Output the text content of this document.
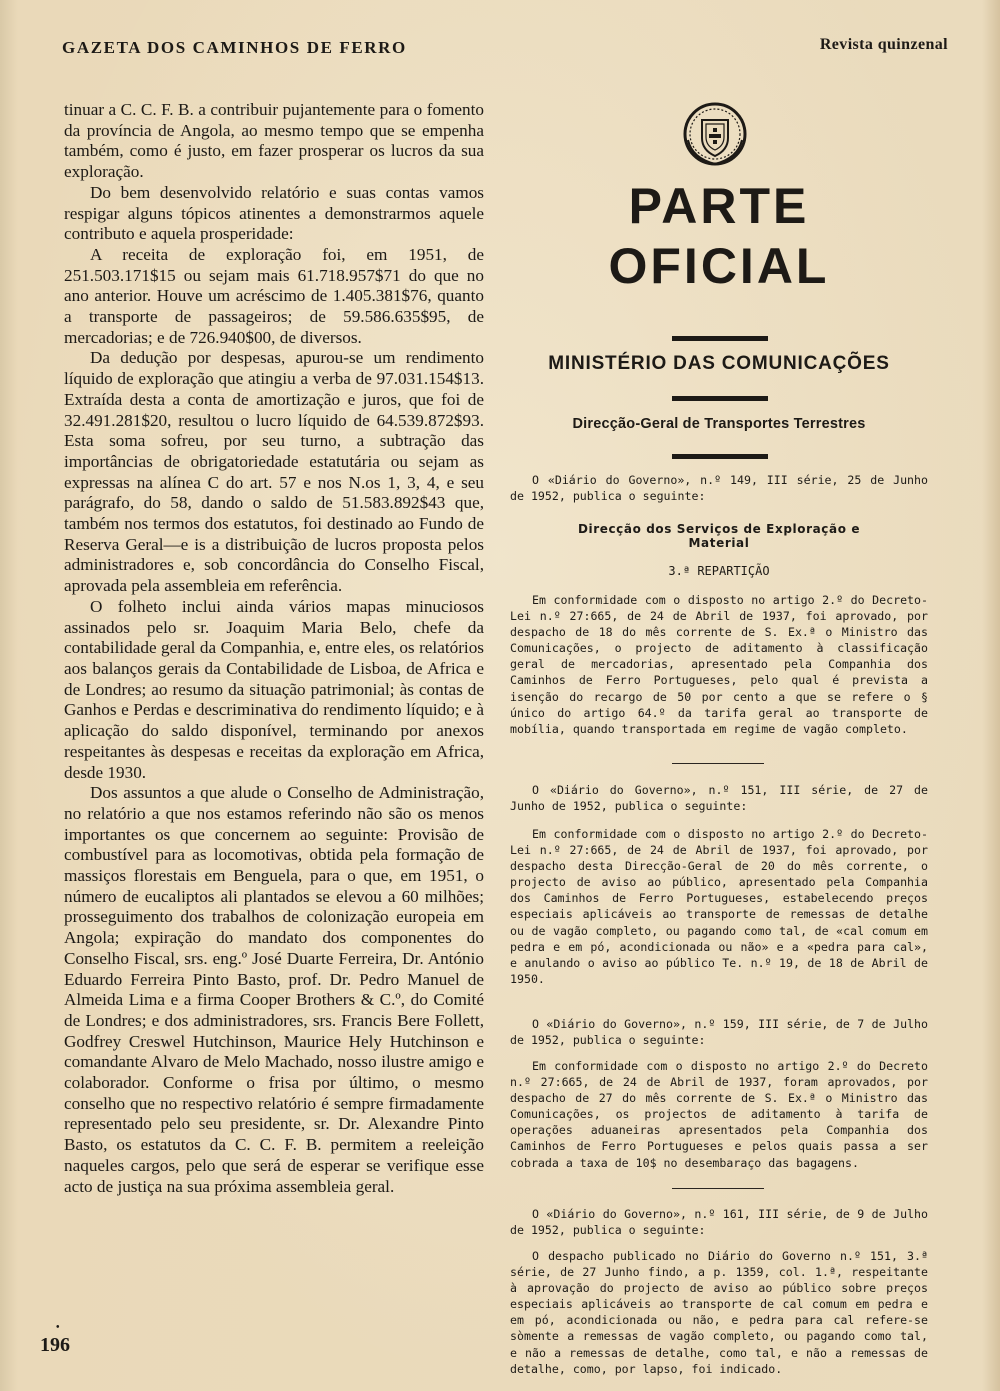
GAZETA DOS CAMINHOS DE FERRO	Revista quinzenal

tinuar a C. C. F. B. a contribuir pujantemente para o fomento da província de Angola, ao mesmo tempo que se empenha também, como é justo, em fazer prosperar os lucros da sua exploração.

Do bem desenvolvido relatório e suas contas vamos respigar alguns tópicos atinentes a demonstrarmos aquele contributo e aquela prosperidade:

A receita de exploração foi, em 1951, de 251.503.171$15 ou sejam mais 61.718.957$71 do que no ano anterior. Houve um acréscimo de 1.405.381$76, quanto a transporte de passageiros; de 59.586.635$95, de mercadorias; e de 726.940$00, de diversos.

Da dedução por despesas, apurou-se um rendimento líquido de exploração que atingiu a verba de 97.031.154$13. Extraída desta a conta de amortização e juros, que foi de 32.491.281$20, resultou o lucro líquido de 64.539.872$93. Esta soma sofreu, por seu turno, a subtração das importâncias de obrigatoriedade estatutária ou sejam as expressas na alínea C do art. 57 e nos N.os 1, 3, 4, e seu parágrafo, do 58, dando o saldo de 51.583.892$43 que, também nos termos dos estatutos, foi destinado ao Fundo de Reserva Geral—e is a distribuição de lucros proposta pelos administradores e, sob concordância do Conselho Fiscal, aprovada pela assembleia em referência.

O folheto inclui ainda vários mapas minuciosos assinados pelo sr. Joaquim Maria Belo, chefe da contabilidade geral da Companhia, e, entre eles, os relatórios aos balanços gerais da Contabilidade de Lisboa, de Africa e de Londres; ao resumo da situação patrimonial; às contas de Ganhos e Perdas e descriminativa do rendimento líquido; e à aplicação do saldo disponível, terminando por anexos respeitantes às despesas e receitas da exploração em Africa, desde 1930.

Dos assuntos a que alude o Conselho de Administração, no relatório a que nos estamos referindo não são os menos importantes os que concernem ao seguinte: Provisão de combustível para as locomotivas, obtida pela formação de massiços florestais em Benguela, para o que, em 1951, o número de eucaliptos ali plantados se elevou a 60 milhões; prosseguimento dos trabalhos de colonização europeia em Angola; expiração do mandato dos componentes do Conselho Fiscal, srs. eng.º José Duarte Ferreira, Dr. António Eduardo Ferreira Pinto Basto, prof. Dr. Pedro Manuel de Almeida Lima e a firma Cooper Brothers & C.º, do Comité de Londres; e dos administradores, srs. Francis Bere Follett, Godfrey Creswel Hutchinson, Maurice Hely Hutchinson e comandante Alvaro de Melo Machado, nosso ilustre amigo e colaborador. Conforme o frisa por último, o mesmo conselho que no respectivo relatório é sempre firmadamente representado pelo seu presidente, sr. Dr. Alexandre Pinto Basto, os estatutos da C. C. F. B. permitem a reeleição naqueles cargos, pelo que será de esperar se verifique esse acto de justiça na sua próxima assembleia geral.

•
196
PARTE OFICIAL
MINISTÉRIO DAS COMUNICAÇÕES
Direcção-Geral de Transportes Terrestres

O «Diário do Governo», n.º 149, III série, 25 de Junho de 1952, publica o seguinte:

Direcção dos Serviços de Exploração e Material
3.ª REPARTIÇÃO

Em conformidade com o disposto no artigo 2.º do Decreto-Lei n.º 27:665, de 24 de Abril de 1937, foi aprovado, por despacho de 18 do mês corrente de S. Ex.ª o Ministro das Comunicações, o projecto de aditamento à classificação geral de mercadorias, apresentado pela Companhia dos Caminhos de Ferro Portugueses, pelo qual é prevista a isenção do recargo de 50 por cento a que se refere o § único do artigo 64.º da tarifa geral ao transporte de mobília, quando transportada em regime de vagão completo.

O «Diário do Governo», n.º 151, III série, de 27 de Junho de 1952, publica o seguinte:

Em conformidade com o disposto no artigo 2.º do Decreto-Lei n.º 27:665, de 24 de Abril de 1937, foi aprovado, por despacho desta Direcção-Geral de 20 do mês corrente, o projecto de aviso ao público, apresentado pela Companhia dos Caminhos de Ferro Portugueses, estabelecendo preços especiais aplicáveis ao transporte de remessas de detalhe ou de vagão completo, ou pagando como tal, de «cal comum em pedra e em pó, acondicionada ou não» e a «pedra para cal», e anulando o aviso ao público Te. n.º 19, de 18 de Abril de 1950.

O «Diário do Governo», n.º 159, III série, de 7 de Julho de 1952, publica o seguinte:

Em conformidade com o disposto no artigo 2.º do Decreto n.º 27:665, de 24 de Abril de 1937, foram aprovados, por despacho de 27 do mês corrente de S. Ex.ª o Ministro das Comunicações, os projectos de aditamento à tarifa de operações aduaneiras apresentados pela Companhia dos Caminhos de Ferro Portugueses e pelos quais passa a ser cobrada a taxa de 10$ no desembaraço das bagagens.

O «Diário do Governo», n.º 161, III série, de 9 de Julho de 1952, publica o seguinte:

O despacho publicado no Diário do Governo n.º 151, 3.ª série, de 27 Junho findo, a p. 1359, col. 1.ª, respeitante à aprovação do projecto de aviso ao público sobre preços especiais aplicáveis ao transporte de cal comum em pedra e em pó, acondicionada ou não, e pedra para cal refere-se sòmente a remessas de vagão completo, ou pagando como tal, e não a remessas de detalhe, como tal, e não a remessas de detalhe, como, por lapso, foi indicado.
